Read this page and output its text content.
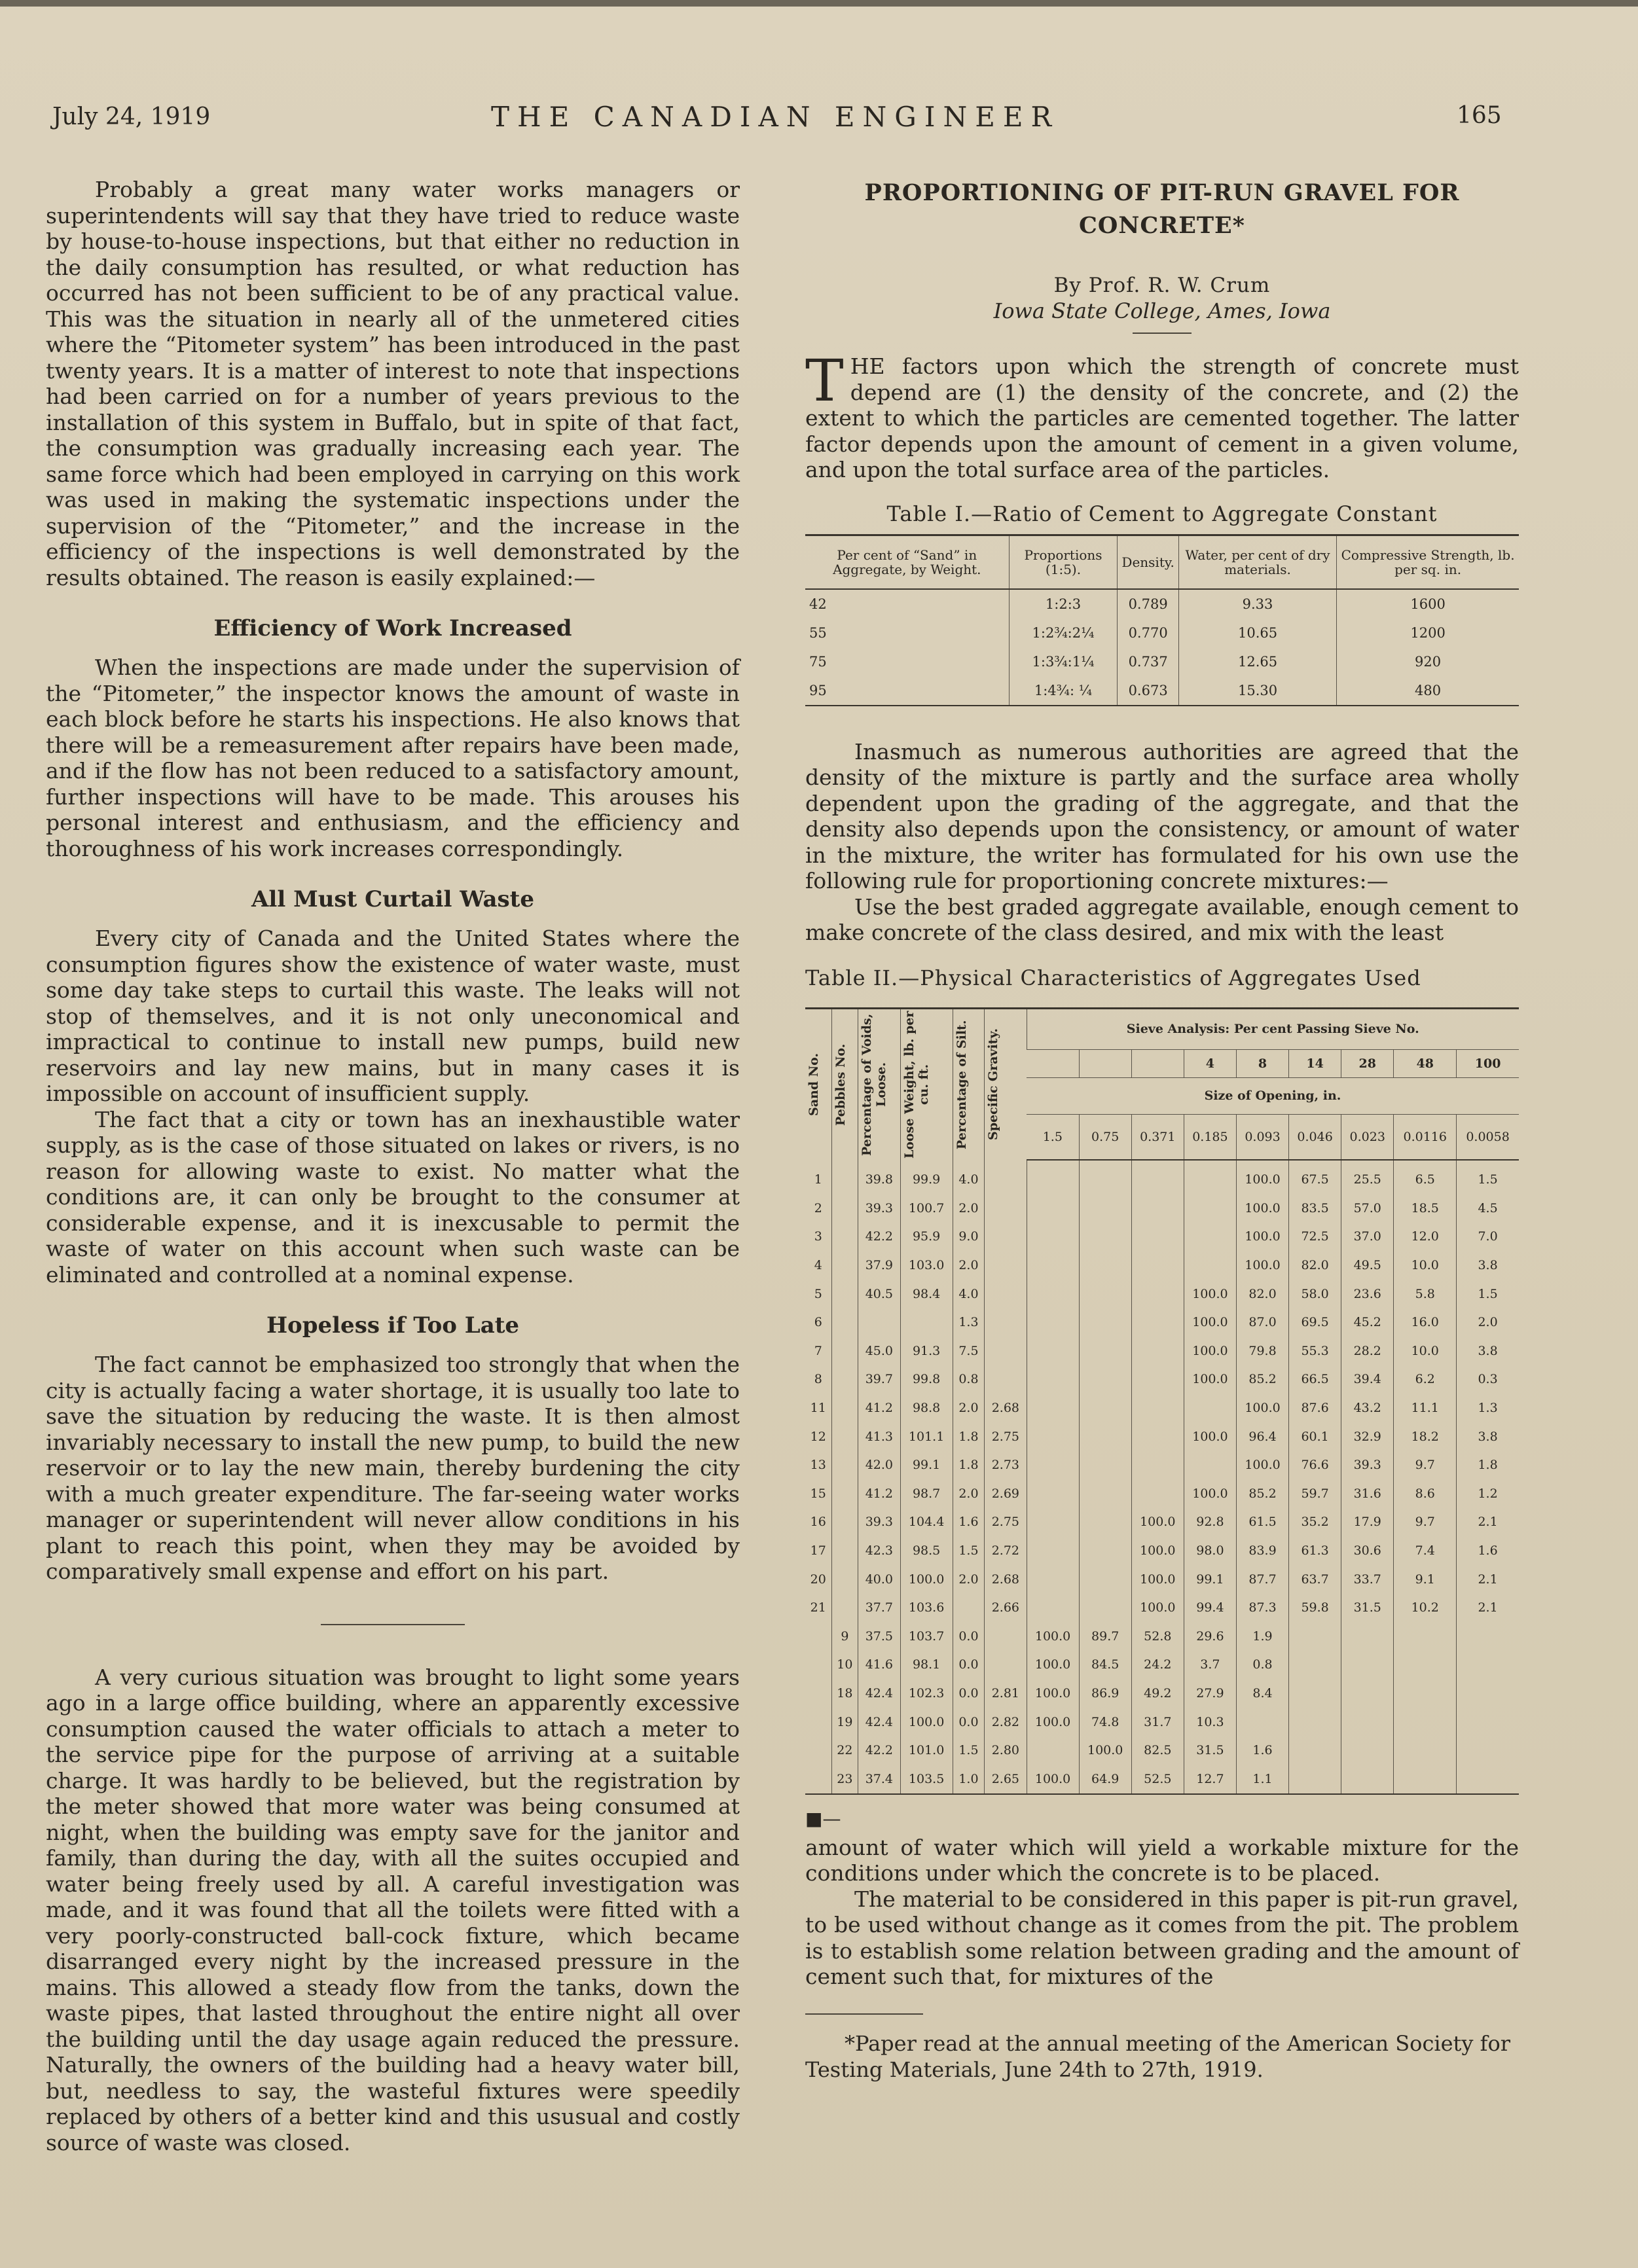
July 24, 1919	THE CANADIAN ENGINEER	165

Probably a great many water works managers or superintendents will say that they have tried to reduce waste by house-to-house inspections, but that either no reduction in the daily consumption has resulted, or what reduction has occurred has not been sufficient to be of any practical value. This was the situation in nearly all of the unmetered cities where the “Pitometer system” has been introduced in the past twenty years. It is a matter of interest to note that inspections had been carried on for a number of years previous to the installation of this system in Buffalo, but in spite of that fact, the consumption was gradually increasing each year. The same force which had been employed in carrying on this work was used in making the systematic inspections under the supervision of the “Pitometer,” and the increase in the efficiency of the inspections is well demonstrated by the results obtained. The reason is easily explained:—

Efficiency of Work Increased

When the inspections are made under the supervision of the “Pitometer,” the inspector knows the amount of waste in each block before he starts his inspections. He also knows that there will be a remeasurement after repairs have been made, and if the flow has not been reduced to a satisfactory amount, further inspections will have to be made. This arouses his personal interest and enthusiasm, and the efficiency and thoroughness of his work increases correspondingly.

All Must Curtail Waste

Every city of Canada and the United States where the consumption figures show the existence of water waste, must some day take steps to curtail this waste. The leaks will not stop of themselves, and it is not only uneconomical and impractical to continue to install new pumps, build new reservoirs and lay new mains, but in many cases it is impossible on account of insufficient supply.

The fact that a city or town has an inexhaustible water supply, as is the case of those situated on lakes or rivers, is no reason for allowing waste to exist. No matter what the conditions are, it can only be brought to the consumer at considerable expense, and it is inexcusable to permit the waste of water on this account when such waste can be eliminated and controlled at a nominal expense.

Hopeless if Too Late

The fact cannot be emphasized too strongly that when the city is actually facing a water shortage, it is usually too late to save the situation by reducing the waste. It is then almost invariably necessary to install the new pump, to build the new reservoir or to lay the new main, thereby burdening the city with a much greater expenditure. The far-seeing water works manager or superintendent will never allow conditions in his plant to reach this point, when they may be avoided by comparatively small expense and effort on his part.

A very curious situation was brought to light some years ago in a large office building, where an apparently excessive consumption caused the water officials to attach a meter to the service pipe for the purpose of arriving at a suitable charge. It was hardly to be believed, but the registration by the meter showed that more water was being consumed at night, when the building was empty save for the janitor and family, than during the day, with all the suites occupied and water being freely used by all. A careful investigation was made, and it was found that all the toilets were fitted with a very poorly-constructed ball-cock fixture, which became disarranged every night by the increased pressure in the mains. This allowed a steady flow from the tanks, down the waste pipes, that lasted throughout the entire night all over the building until the day usage again reduced the pressure. Naturally, the owners of the building had a heavy water bill, but, needless to say, the wasteful fixtures were speedily replaced by others of a better kind and this ususual and costly source of waste was closed.

PROPORTIONING OF PIT-RUN GRAVEL FOR CONCRETE*
By Prof. R. W. Crum
Iowa State College, Ames, Iowa

THE factors upon which the strength of concrete must depend are (1) the density of the concrete, and (2) the extent to which the particles are cemented together. The latter factor depends upon the amount of cement in a given volume, and upon the total surface area of the particles.

Table I.—Ratio of Cement to Aggregate Constant
Per cent of “Sand” in Aggregate, by Weight.	Proportions (1:5).	Density.	Water, per cent of dry materials.	Compressive Strength, lb. per sq. in.
42	1:2:3	0.789	9.33	1600
55	1:2¾:2¼	0.770	10.65	1200
75	1:3¾:1¼	0.737	12.65	920
95	1:4¾: ¼	0.673	15.30	480

Inasmuch as numerous authorities are agreed that the density of the mixture is partly and the surface area wholly dependent upon the grading of the aggregate, and that the density also depends upon the consistency, or amount of water in the mixture, the writer has formulated for his own use the following rule for proportioning concrete mixtures:—

Use the best graded aggregate available, enough cement to make concrete of the class desired, and mix with the least

Table II.—Physical Characteristics of Aggregates Used
Sand No.	Pebbles No.	Percentage of Voids, Loose.	Loose Weight, lb. per cu. ft.	Percentage of Silt.	Specific Gravity.	Sieve Analysis: Per cent Passing Sieve No.								
									4	8	14	28	48	100
						Size of Opening, in.								
						1.5	0.75	0.371	0.185	0.093	0.046	0.023	0.0116	0.0058
1		39.8	99.9	4.0						100.0	67.5	25.5	6.5	1.5
2		39.3	100.7	2.0						100.0	83.5	57.0	18.5	4.5
3		42.2	95.9	9.0						100.0	72.5	37.0	12.0	7.0
4		37.9	103.0	2.0						100.0	82.0	49.5	10.0	3.8
5		40.5	98.4	4.0					100.0	82.0	58.0	23.6	5.8	1.5
6				1.3					100.0	87.0	69.5	45.2	16.0	2.0
7		45.0	91.3	7.5					100.0	79.8	55.3	28.2	10.0	3.8
8		39.7	99.8	0.8					100.0	85.2	66.5	39.4	6.2	0.3
11		41.2	98.8	2.0	2.68					100.0	87.6	43.2	11.1	1.3
12		41.3	101.1	1.8	2.75				100.0	96.4	60.1	32.9	18.2	3.8
13		42.0	99.1	1.8	2.73					100.0	76.6	39.3	9.7	1.8
15		41.2	98.7	2.0	2.69				100.0	85.2	59.7	31.6	8.6	1.2
16		39.3	104.4	1.6	2.75			100.0	92.8	61.5	35.2	17.9	9.7	2.1
17		42.3	98.5	1.5	2.72			100.0	98.0	83.9	61.3	30.6	7.4	1.6
20		40.0	100.0	2.0	2.68			100.0	99.1	87.7	63.7	33.7	9.1	2.1
21		37.7	103.6		2.66			100.0	99.4	87.3	59.8	31.5	10.2	2.1
	9	37.5	103.7	0.0		100.0	89.7	52.8	29.6	1.9				
	10	41.6	98.1	0.0		100.0	84.5	24.2	3.7	0.8				
	18	42.4	102.3	0.0	2.81	100.0	86.9	49.2	27.9	8.4				
	19	42.4	100.0	0.0	2.82	100.0	74.8	31.7	10.3					
	22	42.2	101.0	1.5	2.80		100.0	82.5	31.5	1.6				
	23	37.4	103.5	1.0	2.65	100.0	64.9	52.5	12.7	1.1				
■—

amount of water which will yield a workable mixture for the conditions under which the concrete is to be placed.

The material to be considered in this paper is pit-run gravel, to be used without change as it comes from the pit. The problem is to establish some relation between grading and the amount of cement such that, for mixtures of the

*Paper read at the annual meeting of the American Society for Testing Materials, June 24th to 27th, 1919.
